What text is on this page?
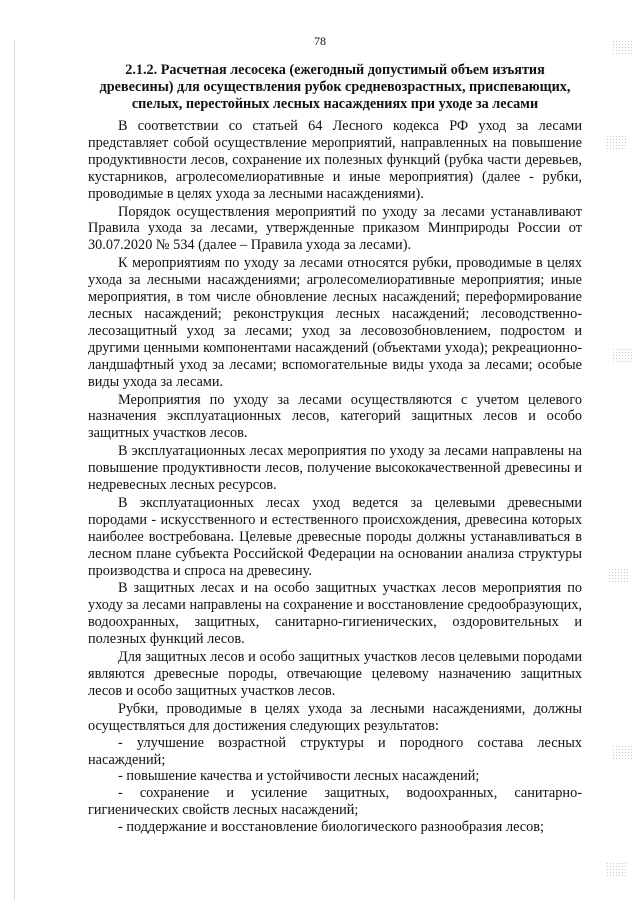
78
2.1.2. Расчетная лесосека (ежегодный допустимый объем изъятия
древесины) для осуществления рубок средневозрастных, приспевающих,
спелых, перестойных лесных насаждениях при уходе за лесами

В соответствии со статьей 64 Лесного кодекса РФ уход за лесами представляет собой осуществление мероприятий, направленных на повышение продуктивности лесов, сохранение их полезных функций (рубка части деревьев, кустарников, агролесомелиоративные и иные мероприятия) (далее - рубки, проводимые в целях ухода за лесными насаждениями).

Порядок осуществления мероприятий по уходу за лесами устанавливают Правила ухода за лесами, утвержденные приказом Минприроды России от 30.07.2020 № 534 (далее – Правила ухода за лесами).

К мероприятиям по уходу за лесами относятся рубки, проводимые в целях ухода за лесными насаждениями; агролесомелиоративные мероприятия; иные мероприятия, в том числе обновление лесных насаждений; переформирование лесных насаждений; реконструкция лесных насаждений; лесоводственно-лесозащитный уход за лесами; уход за лесовозобновлением, подростом и другими ценными компонентами насаждений (объектами ухода); рекреационно-ландшафтный уход за лесами; вспомогательные виды ухода за лесами; особые виды ухода за лесами.

Мероприятия по уходу за лесами осуществляются с учетом целевого назначения эксплуатационных лесов, категорий защитных лесов и особо защитных участков лесов.

В эксплуатационных лесах мероприятия по уходу за лесами направлены на повышение продуктивности лесов, получение высококачественной древесины и недревесных лесных ресурсов.

В эксплуатационных лесах уход ведется за целевыми древесными породами - искусственного и естественного происхождения, древесина которых наиболее востребована. Целевые древесные породы должны устанавливаться в лесном плане субъекта Российской Федерации на основании анализа структуры производства и спроса на древесину.

В защитных лесах и на особо защитных участках лесов мероприятия по уходу за лесами направлены на сохранение и восстановление средообразующих, водоохранных, защитных, санитарно-гигиенических, оздоровительных и полезных функций лесов.

Для защитных лесов и особо защитных участков лесов целевыми породами являются древесные породы, отвечающие целевому назначению защитных лесов и особо защитных участков лесов.

Рубки, проводимые в целях ухода за лесными насаждениями, должны осуществляться для достижения следующих результатов:

- улучшение возрастной структуры и породного состава лесных насаждений;

- повышение качества и устойчивости лесных насаждений;

- сохранение и усиление защитных, водоохранных, санитарно-гигиенических свойств лесных насаждений;

- поддержание и восстановление биологического разнообразия лесов;
